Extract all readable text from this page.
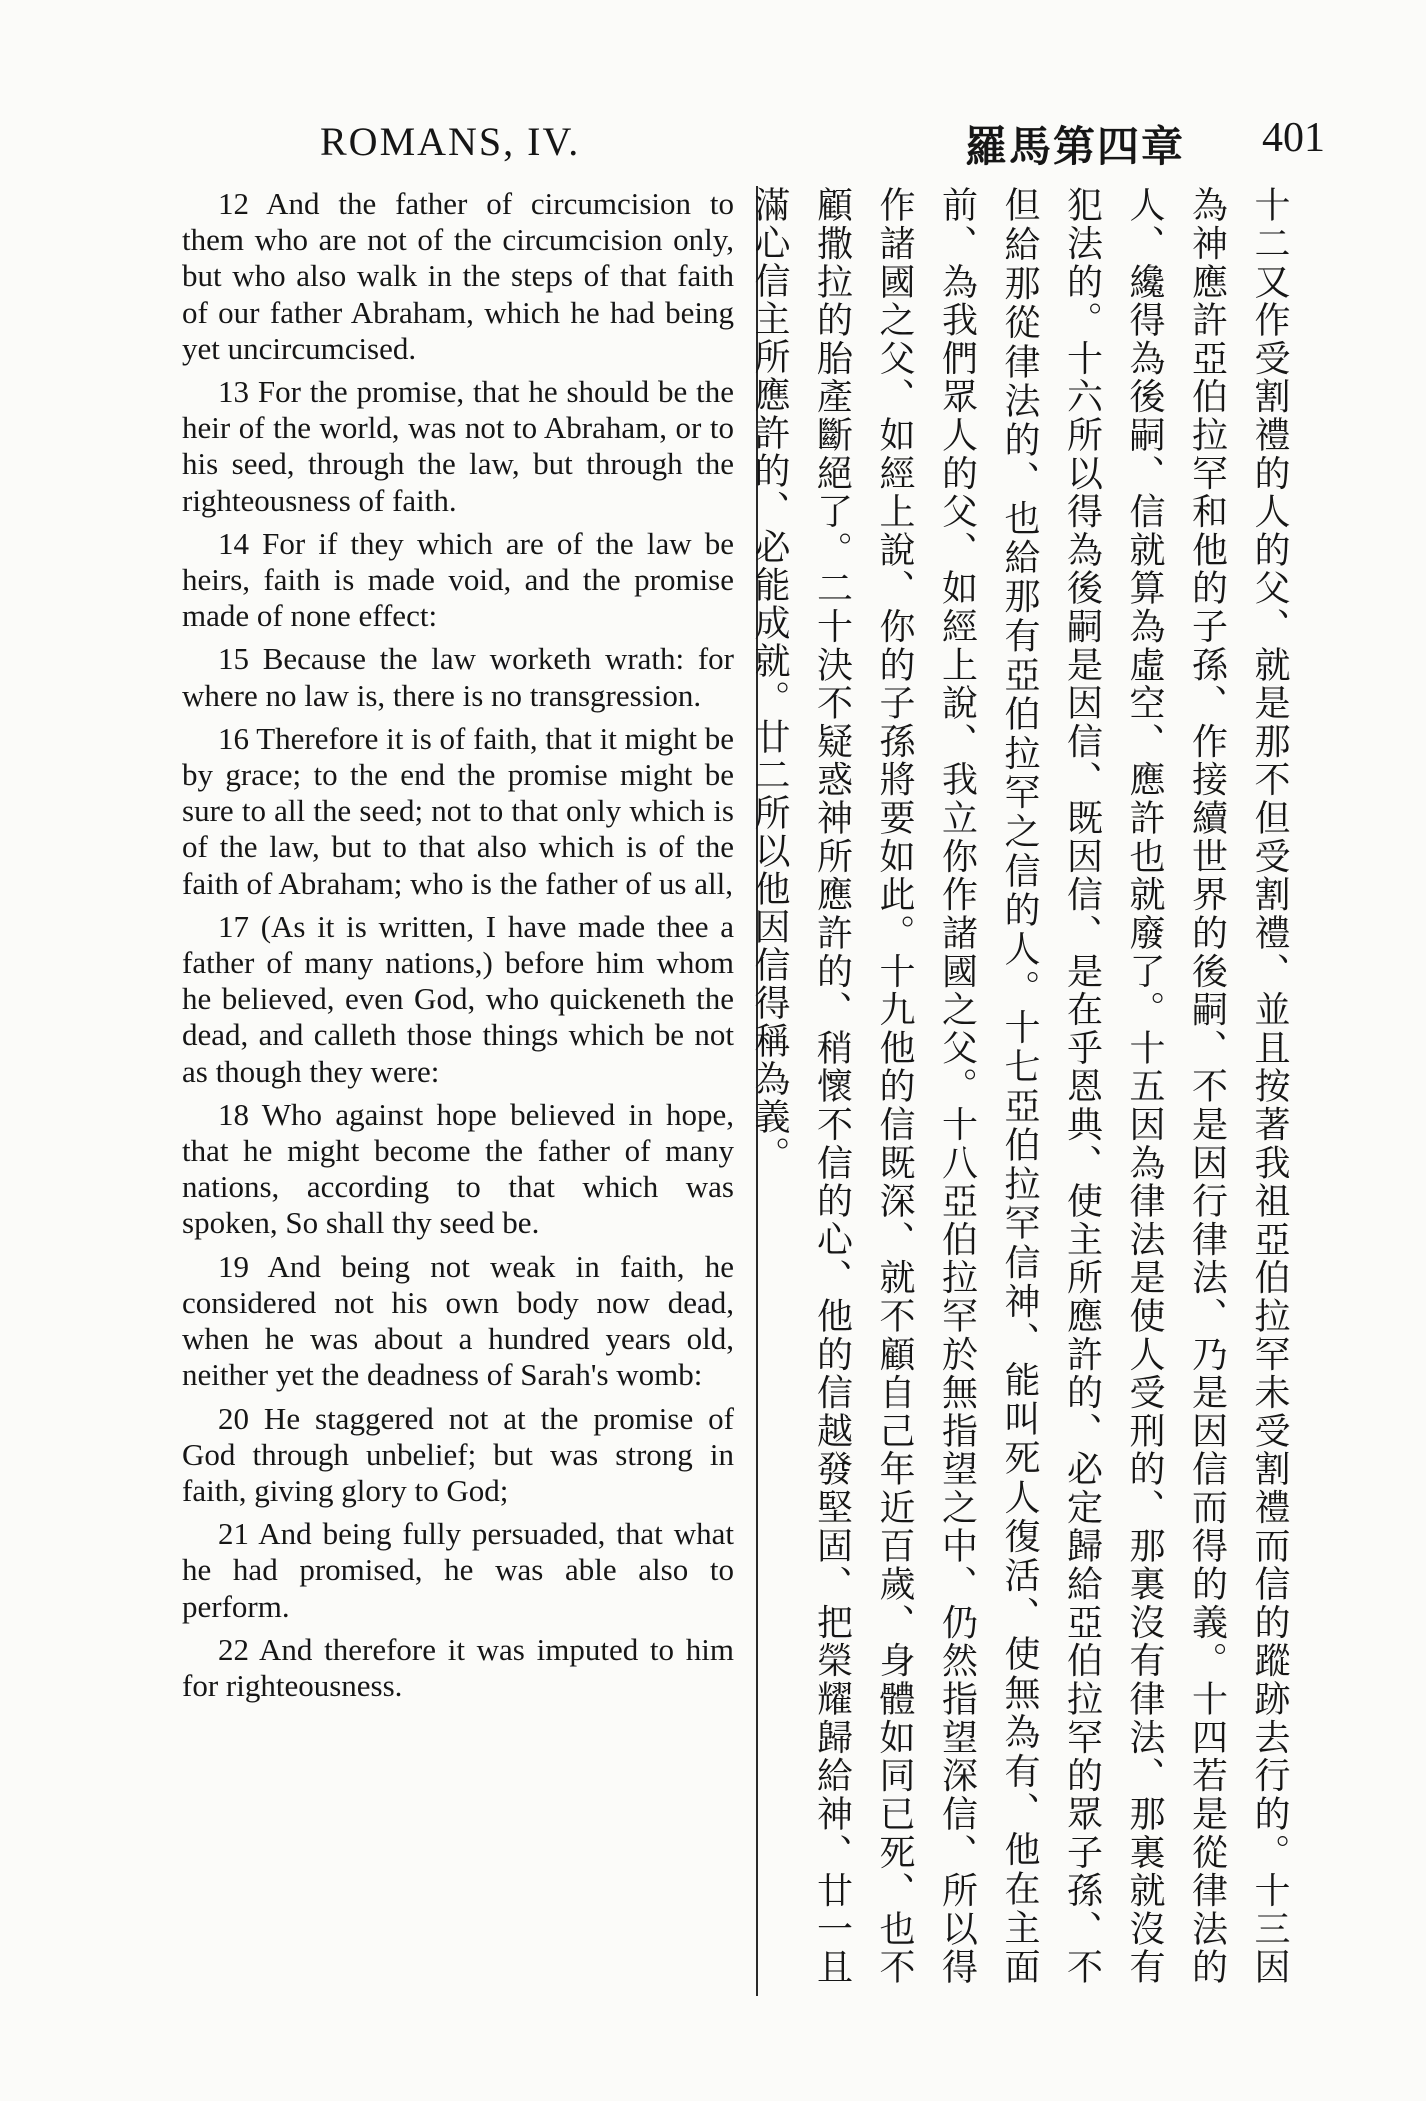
ROMANS, IV.	羅馬第四章 401

12 And the father of circumcision to them who are not of the circumcision only, but who also walk in the steps of that faith of our father Abraham, which he had being yet uncircumcised.

13 For the promise, that he should be the heir of the world, was not to Abraham, or to his seed, through the law, but through the righteousness of faith.

14 For if they which are of the law be heirs, faith is made void, and the promise made of none effect:

15 Because the law worketh wrath: for where no law is, there is no transgression.

16 Therefore it is of faith, that it might be by grace; to the end the promise might be sure to all the seed; not to that only which is of the law, but to that also which is of the faith of Abraham; who is the father of us all,

17 (As it is written, I have made thee a father of many nations,) before him whom he believed, even God, who quickeneth the dead, and calleth those things which be not as though they were:

18 Who against hope believed in hope, that he might become the father of many nations, according to that which was spoken, So shall thy seed be.

19 And being not weak in faith, he considered not his own body now dead, when he was about a hundred years old, neither yet the deadness of Sarah's womb:

20 He staggered not at the promise of God through unbelief; but was strong in faith, giving glory to God;

21 And being fully persuaded, that what he had promised, he was able also to perform.

22 And therefore it was imputed to him for righteousness.	十二又作受割禮的人的父、就是那不但受割禮、並且按著我祖亞伯拉罕未受割禮而信的蹤跡去行的。十三因為神應許亞伯拉罕和他的子孫、作接續世界的後嗣、不是因行律法、乃是因信而得的義。十四若是從律法的人、纔得為後嗣、信就算為虛空、應許也就廢了。十五因為律法是使人受刑的、那裏沒有律法、那裏就沒有犯法的。十六所以得為後嗣是因信、既因信、是在乎恩典、使主所應許的、必定歸給亞伯拉罕的眾子孫、不但給那從律法的、也給那有亞伯拉罕之信的人。十七亞伯拉罕信神、能叫死人復活、使無為有、他在主面前、為我們眾人的父、如經上說、我立你作諸國之父。十八亞伯拉罕於無指望之中、仍然指望深信、所以得作諸國之父、如經上說、你的子孫將要如此。十九他的信既深、就不顧自己年近百歲、身體如同已死、也不顧撒拉的胎產斷絕了。二十決不疑惑神所應許的、稍懷不信的心、他的信越發堅固、把榮耀歸給神、廿一且滿心信主所應許的、必能成就。廿二所以他因信得稱為義。
